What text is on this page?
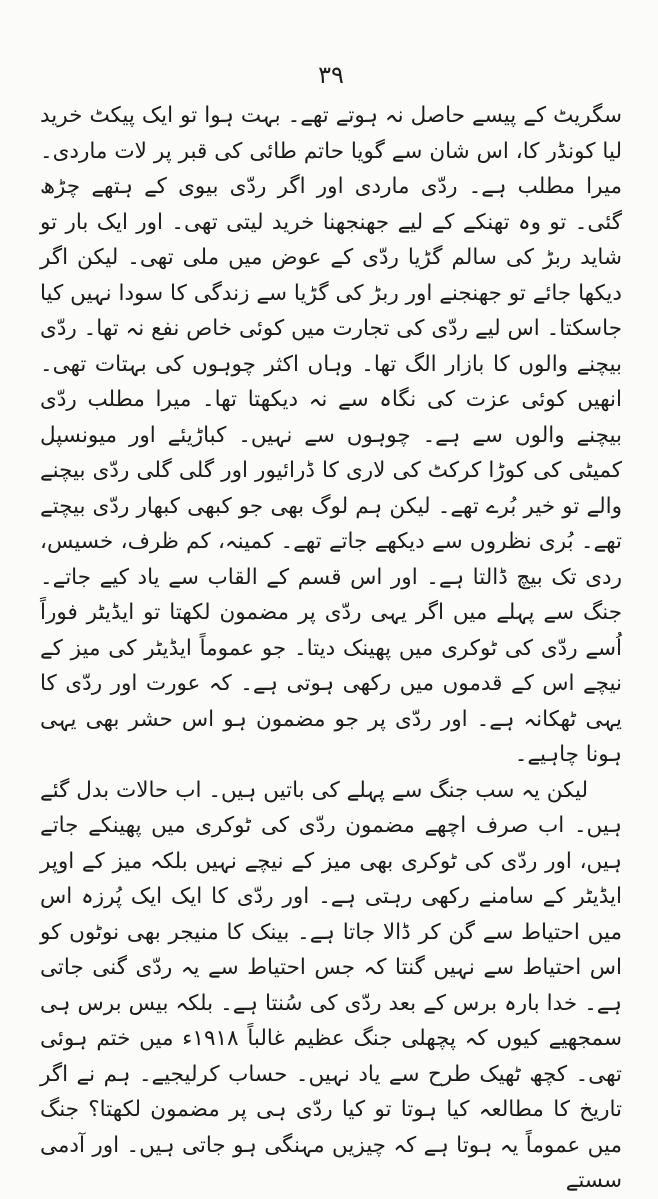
۳۹

سگریٹ کے پیسے حاصل نہ ہوتے تھے۔ بہت ہوا تو ایک پیکٹ خرید لیا کونڈر کا، اس شان سے گویا حاتم طائی کی قبر پر لات ماردی۔ میرا مطلب ہے۔ ردّی ماردی اور اگر ردّی بیوی کے ہتھے چڑھ گئی۔ تو وہ تھنکے کے لیے جھنجھنا خرید لیتی تھی۔ اور ایک بار تو شاید ربڑ کی سالم گڑیا ردّی کے عوض میں ملی تھی۔ لیکن اگر دیکھا جائے تو جھنجنے اور ربڑ کی گڑیا سے زندگی کا سودا نہیں کیا جاسکتا۔ اس لیے ردّی کی تجارت میں کوئی خاص نفع نہ تھا۔ ردّی بیچنے والوں کا بازار الگ تھا۔ وہاں اکثر چوہوں کی بہتات تھی۔ انھیں کوئی عزت کی نگاہ سے نہ دیکھتا تھا۔ میرا مطلب ردّی بیچنے والوں سے ہے۔ چوہوں سے نہیں۔ کباڑیئے اور میونسپل کمیٹی کی کوڑا کرکٹ کی لاری کا ڈرائیور اور گلی گلی ردّی بیچنے والے تو خیر بُرے تھے۔ لیکن ہم لوگ بھی جو کبھی کبھار ردّی بیچتے تھے۔ بُری نظروں سے دیکھے جاتے تھے۔ کمینہ، کم ظرف، خسیس، ردی تک بیچ ڈالتا ہے۔ اور اس قسم کے القاب سے یاد کیے جاتے۔ جنگ سے پہلے میں اگر یہی ردّی پر مضمون لکھتا تو ایڈیٹر فوراً اُسے ردّی کی ٹوکری میں پھینک دیتا۔ جو عموماً ایڈیٹر کی میز کے نیچے اس کے قدموں میں رکھی ہوتی ہے۔ کہ عورت اور ردّی کا یہی ٹھکانہ ہے۔ اور ردّی پر جو مضمون ہو اس حشر بھی یہی ہونا چاہیے۔

لیکن یہ سب جنگ سے پہلے کی باتیں ہیں۔ اب حالات بدل گئے ہیں۔ اب صرف اچھے مضمون ردّی کی ٹوکری میں پھینکے جاتے ہیں، اور ردّی کی ٹوکری بھی میز کے نیچے نہیں بلکہ میز کے اوپر ایڈیٹر کے سامنے رکھی رہتی ہے۔ اور ردّی کا ایک ایک پُرزہ اس میں احتیاط سے گن کر ڈالا جاتا ہے۔ بینک کا منیجر بھی نوٹوں کو اس احتیاط سے نہیں گنتا کہ جس احتیاط سے یہ ردّی گنی جاتی ہے۔ خدا بارہ برس کے بعد ردّی کی سُنتا ہے۔ بلکہ بیس برس ہی سمجھیے کیوں کہ پچھلی جنگ عظیم غالباً ۱۹۱۸ء میں ختم ہوئی تھی۔ کچھ ٹھیک طرح سے یاد نہیں۔ حساب کرلیجیے۔ ہم نے اگر تاریخ کا مطالعہ کیا ہوتا تو کیا ردّی ہی پر مضمون لکھتا؟ جنگ میں عموماً یہ ہوتا ہے کہ چیزیں مہنگی ہو جاتی ہیں۔ اور آدمی سستے
